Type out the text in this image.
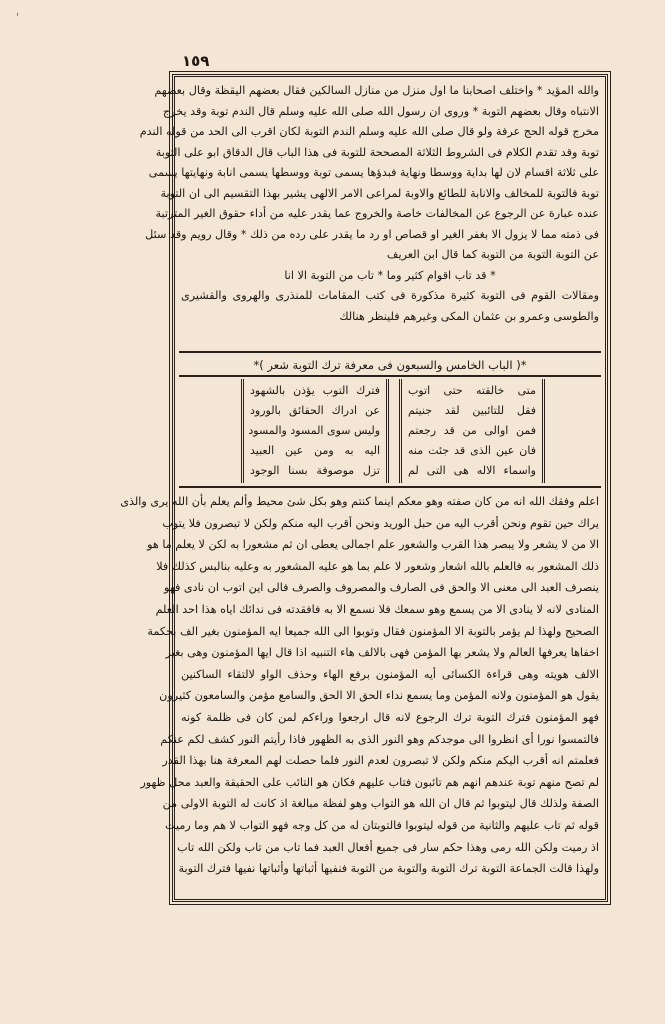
١٥٩
والله المؤيد * واختلف اصحابنا ما اول منزل من منازل السالكين فقال بعضهم اليقظة وقال بعضهم
الانتباه وقال بعضهم التوبة * وروى ان رسول الله صلى الله عليه وسلم قال الندم توبة وقد يخرج
مخرج قوله الحج عرفة ولو قال صلى الله عليه وسلم الندم التوبة لكان اقرب الى الحد من قوله الندم
توبة وقد تقدم الكلام فى الشروط الثلاثة المصححة للتوبة فى هذا الباب قال الدقاق ابو على التوبة
على ثلاثة اقسام لان لها بداية ووسطا ونهاية فبدؤها يسمى توبة ووسطها يسمى انابة ونهايتها يسمى
توبة فالتوبة للمخالف والانابة للطائع والاوبة لمراعى الامر الالهى يشير بهذا التقسيم الى ان التوبة
عنده عبارة عن الرجوع عن المخالفات خاصة والخروج عما يقدر عليه من أداء حقوق الغير المترتبة
فى ذمته مما لا يزول الا بغفر الغير او قصاص او رد ما يقدر على رده من ذلك * وقال رويم وقد سئل
عن التوبة التوبة من التوبة كما قال ابن العريف
* قد تاب اقوام كثير وما * تاب من التوبة الا انا
ومقالات القوم فى التوبة كثيرة مذكورة فى كتب المقامات للمنذرى والهروى والقشيرى
والطوسى وعمرو بن عثمان المكى وغيرهم فلينظر هنالك
*( الباب الخامس والسبعون فى معرفة ترك التوبة شعر )*
متى خالقته حتى اتوب
فقل للتائبين لقد جنيتم
فمن اوالى من قد رجعتم
فان عين الذى قد جئت منه
واسماء الاله هى التى لم
فترك التوب يؤذن بالشهود
عن ادراك الحقائق بالورود
وليس سوى المسود والمسود
اليه به ومن عين العبيد
تزل موصوفة بسنا الوجود
اعلم وفقك الله انه من كان صفته وهو معكم اينما كنتم وهو بكل شئ محيط وألم يعلم بأن الله يرى والذى
يراك حين تقوم ونحن أقرب اليه من حبل الوريد ونحن أقرب اليه منكم ولكن لا تبصرون فلا يتوب
الا من لا يشعر ولا يبصر هذا القرب والشعور علم اجمالى يعطى ان ثم مشعورا به لكن لا يعلم ما هو
ذلك المشعور به فالعلم بالله اشعار وشعور لا علم بما هو عليه المشعور به وعليه بنالبس كذلك فلا
ينصرف العبد الى معنى الا والحق فى الصارف والمصروف والصرف فالى اين اتوب ان نادى فهو
المنادى لانه لا ينادى الا من يسمع وهو سمعك فلا نسمع الا به فافقدته فى ندائك اياه هذا احد العلم
الصحيح ولهذا لم يؤمر بالتوبة الا المؤمنون فقال وتوبوا الى الله جميعا ايه المؤمنون بغير الف بحكمة
اخفاها يعرفها العالم ولا يشعر بها المؤمن فهى بالالف هاء التنبيه اذا قال ايها المؤمنون وهى بغير
الالف هويته وهى قراءة الكسائى أيه المؤمنون برفع الهاء وحذف الواو لالتقاء الساكنين
يقول هو المؤمنون ولانه المؤمن وما يسمع نداء الحق الا الحق والسامع مؤمن والسامعون كثيرون
فهو المؤمنون فترك التوبة ترك الرجوع لانه قال ارجعوا وراءكم لمن كان فى ظلمة كونه
فالتمسوا نورا أى انظروا الى موجدكم وهو النور الذى به الظهور فاذا رأيتم النور كشف لكم عنكم
فعلمتم انه أقرب اليكم منكم ولكن لا تبصرون لعدم النور فلما حصلت لهم المعرفة هنا بهذا القدر
لم تصح منهم توبة عندهم انهم هم تائبون فتاب عليهم فكان هو التائب على الحقيقة والعبد محل ظهور
الصفة ولذلك قال ليتوبوا ثم قال ان الله هو التواب وهو لفظة مبالغة اذ كانت له التوبة الاولى من
قوله ثم تاب عليهم والثانية من قوله ليتوبوا فالتوبتان له من كل وجه فهو التواب لا هم وما رميت
اذ رميت ولكن الله رمى وهذا حكم سار فى جميع أفعال العبد فما تاب من تاب ولكن الله تاب
ولهذا قالت الجماعة التوبة ترك التوبة والتوبة من التوبة فنفيها أثباتها وأثباتها نفيها فترك التوبة
'
